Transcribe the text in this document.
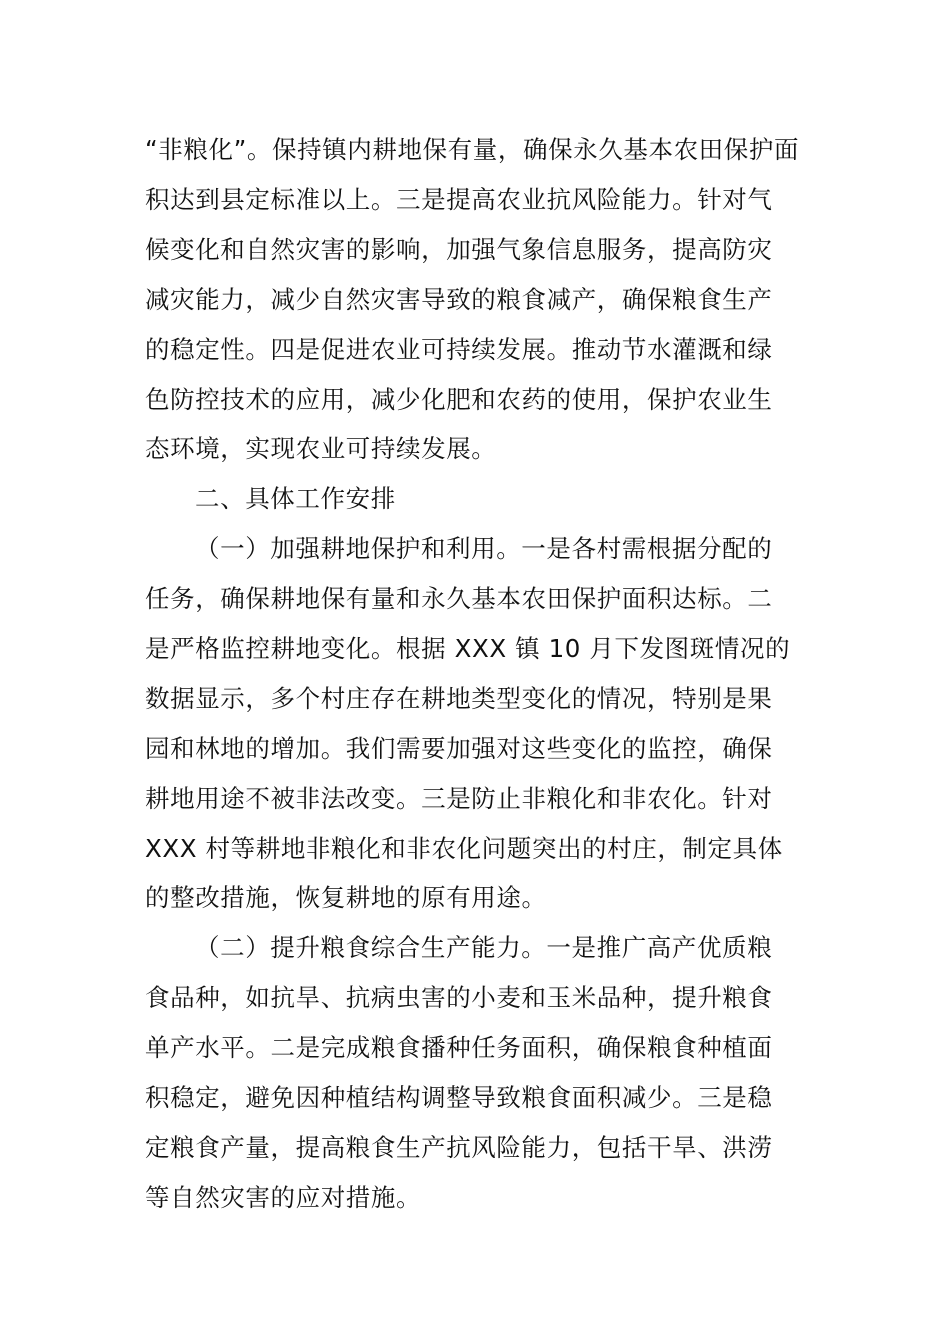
“非粮化”。保持镇内耕地保有量，确保永久基本农田保护面
积达到县定标准以上。三是提高农业抗风险能力。针对气
候变化和自然灾害的影响，加强气象信息服务，提高防灾
减灾能力，减少自然灾害导致的粮食减产，确保粮食生产
的稳定性。四是促进农业可持续发展。推动节水灌溉和绿
色防控技术的应用，减少化肥和农药的使用，保护农业生
态环境，实现农业可持续发展。
二、具体工作安排
（一）加强耕地保护和利用。一是各村需根据分配的
任务，确保耕地保有量和永久基本农田保护面积达标。二
是严格监控耕地变化。根据 XXX 镇 10 月下发图斑情况的
数据显示，多个村庄存在耕地类型变化的情况，特别是果
园和林地的增加。我们需要加强对这些变化的监控，确保
耕地用途不被非法改变。三是防止非粮化和非农化。针对
XXX 村等耕地非粮化和非农化问题突出的村庄，制定具体
的整改措施，恢复耕地的原有用途。
（二）提升粮食综合生产能力。一是推广高产优质粮
食品种，如抗旱、抗病虫害的小麦和玉米品种，提升粮食
单产水平。二是完成粮食播种任务面积，确保粮食种植面
积稳定，避免因种植结构调整导致粮食面积减少。三是稳
定粮食产量，提高粮食生产抗风险能力，包括干旱、洪涝
等自然灾害的应对措施。
